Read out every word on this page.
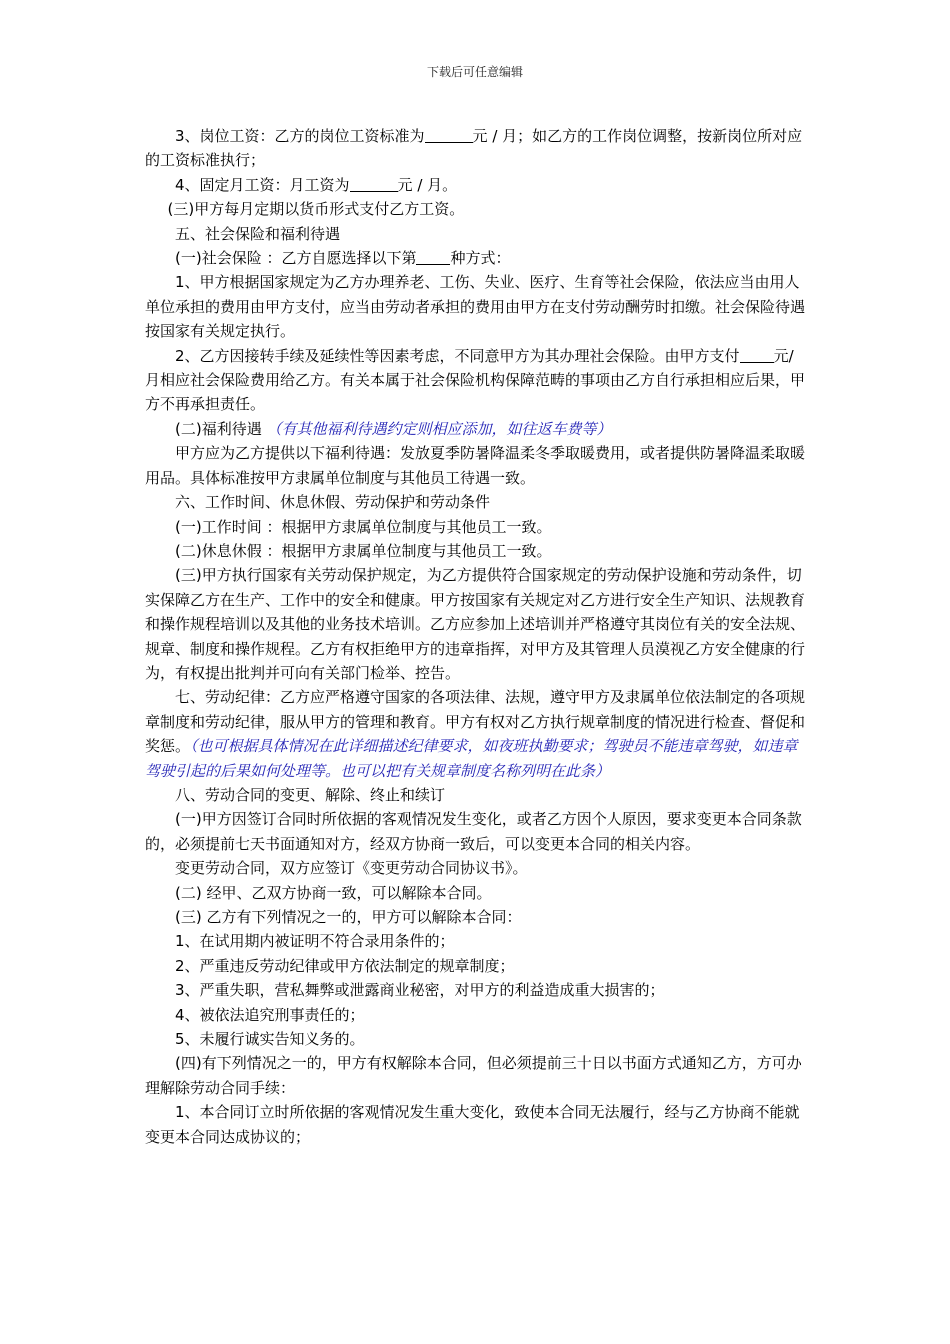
下载后可任意编辑

3、岗位工资：乙方的岗位工资标准为	元 / 月；如乙方的工作岗位调整，按新岗位所对应的工资标准执行；

4、固定月工资：月工资为	元 / 月。

(三)甲方每月定期以货币形式支付乙方工资。

五、社会保险和福利待遇

(一)社会保险 ：乙方自愿选择以下第 种方式：

1、甲方根据国家规定为乙方办理养老、工伤、失业、医疗、生育等社会保险，依法应当由用人单位承担的费用由甲方支付，应当由劳动者承担的费用由甲方在支付劳动酬劳时扣缴。社会保险待遇按国家有关规定执行。

2、乙方因接转手续及延续性等因素考虑，不同意甲方为其办理社会保险。由甲方支付 元/月相应社会保险费用给乙方。有关本属于社会保险机构保障范畴的事项由乙方自行承担相应后果，甲方不再承担责任。

(二)福利待遇 （有其他福利待遇约定则相应添加，如往返车费等）

甲方应为乙方提供以下福利待遇：发放夏季防暑降温柔冬季取暖费用，或者提供防暑降温柔取暖用品。具体标准按甲方隶属单位制度与其他员工待遇一致。

六、工作时间、休息休假、劳动保护和劳动条件

(一)工作时间 ：根据甲方隶属单位制度与其他员工一致。

(二)休息休假 ：根据甲方隶属单位制度与其他员工一致。

(三)甲方执行国家有关劳动保护规定，为乙方提供符合国家规定的劳动保护设施和劳动条件，切实保障乙方在生产、工作中的安全和健康。甲方按国家有关规定对乙方进行安全生产知识、法规教育和操作规程培训以及其他的业务技术培训。乙方应参加上述培训并严格遵守其岗位有关的安全法规、规章、制度和操作规程。乙方有权拒绝甲方的违章指挥，对甲方及其管理人员漠视乙方安全健康的行为，有权提出批判并可向有关部门检举、控告。

七、劳动纪律：乙方应严格遵守国家的各项法律、法规，遵守甲方及隶属单位依法制定的各项规章制度和劳动纪律，服从甲方的管理和教育。甲方有权对乙方执行规章制度的情况进行检查、督促和奖惩。（也可根据具体情况在此详细描述纪律要求，如夜班执勤要求；驾驶员不能违章驾驶，如违章驾驶引起的后果如何处理等。也可以把有关规章制度名称列明在此条）

八、劳动合同的变更、解除、终止和续订

(一)甲方因签订合同时所依据的客观情况发生变化，或者乙方因个人原因，要求变更本合同条款的，必须提前七天书面通知对方，经双方协商一致后，可以变更本合同的相关内容。

变更劳动合同，双方应签订《变更劳动合同协议书》。

(二) 经甲、乙双方协商一致，可以解除本合同。

(三) 乙方有下列情况之一的，甲方可以解除本合同：

1、在试用期内被证明不符合录用条件的；

2、严重违反劳动纪律或甲方依法制定的规章制度；

3、严重失职，营私舞弊或泄露商业秘密，对甲方的利益造成重大损害的；

4、被依法追究刑事责任的；

5、未履行诚实告知义务的。

(四)有下列情况之一的，甲方有权解除本合同，但必须提前三十日以书面方式通知乙方，方可办理解除劳动合同手续：

1、本合同订立时所依据的客观情况发生重大变化，致使本合同无法履行，经与乙方协商不能就变更本合同达成协议的；
